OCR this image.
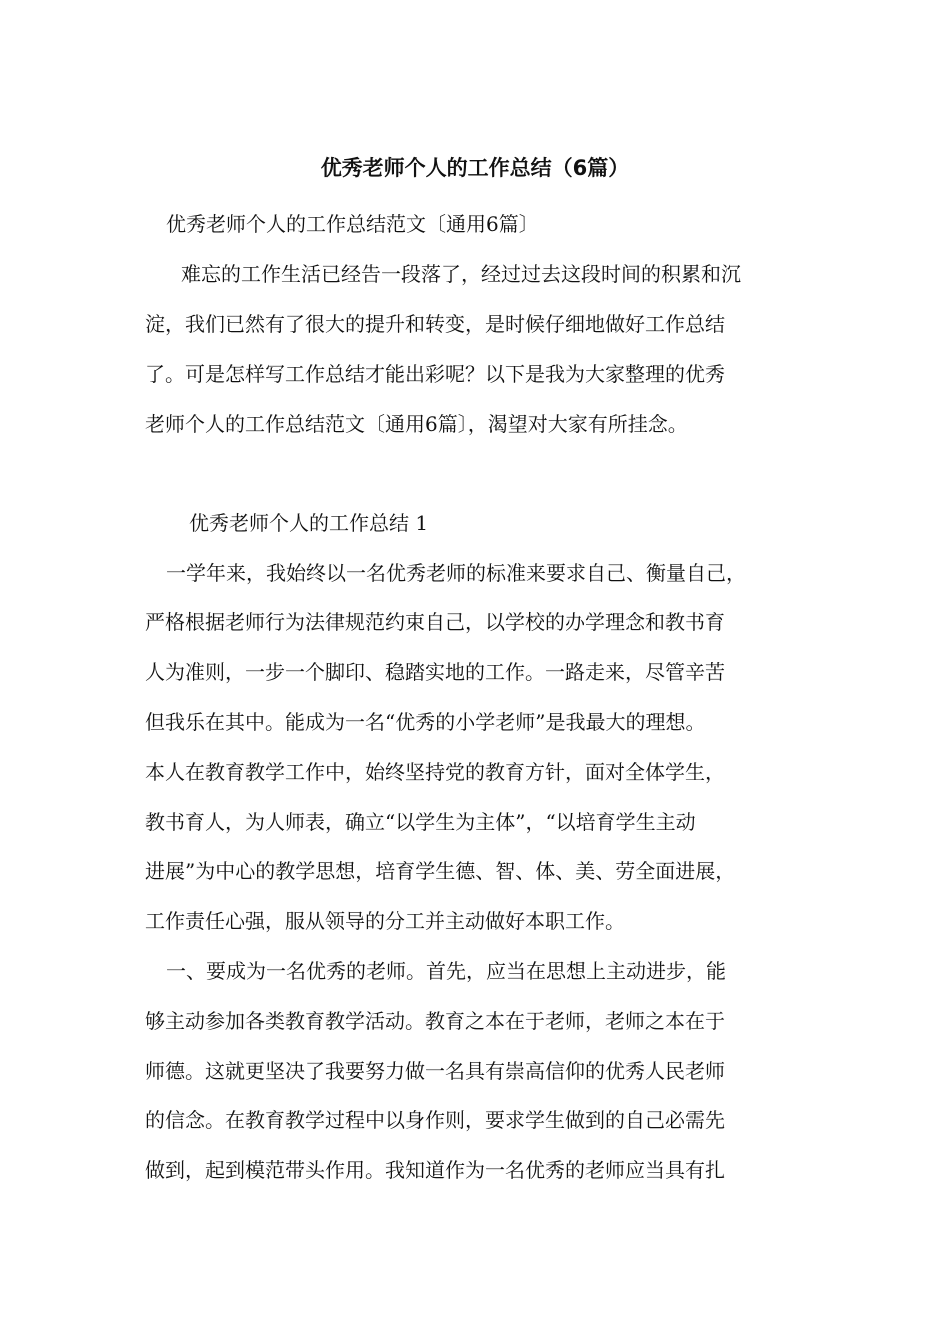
优秀老师个人的工作总结（6篇）
优秀老师个人的工作总结范文〔通用6篇〕
难忘的工作生活已经告一段落了，经过过去这段时间的积累和沉
淀，我们已然有了很大的提升和转变，是时候仔细地做好工作总结
了。可是怎样写工作总结才能出彩呢？以下是我为大家整理的优秀
老师个人的工作总结范文〔通用6篇〕，渴望对大家有所挂念。
优秀老师个人的工作总结 1
一学年来，我始终以一名优秀老师的标准来要求自己、衡量自己，
严格根据老师行为法律规范约束自己，以学校的办学理念和教书育
人为准则，一步一个脚印、稳踏实地的工作。一路走来，尽管辛苦
但我乐在其中。能成为一名“优秀的小学老师”是我最大的理想。
本人在教育教学工作中，始终坚持党的教育方针，面对全体学生，
教书育人，为人师表，确立“以学生为主体”，“以培育学生主动
进展”为中心的教学思想，培育学生德、智、体、美、劳全面进展，
工作责任心强，服从领导的分工并主动做好本职工作。
一、要成为一名优秀的老师。首先，应当在思想上主动进步，能
够主动参加各类教育教学活动。教育之本在于老师，老师之本在于
师德。这就更坚决了我要努力做一名具有崇高信仰的优秀人民老师
的信念。在教育教学过程中以身作则，要求学生做到的自己必需先
做到，起到模范带头作用。我知道作为一名优秀的老师应当具有扎
